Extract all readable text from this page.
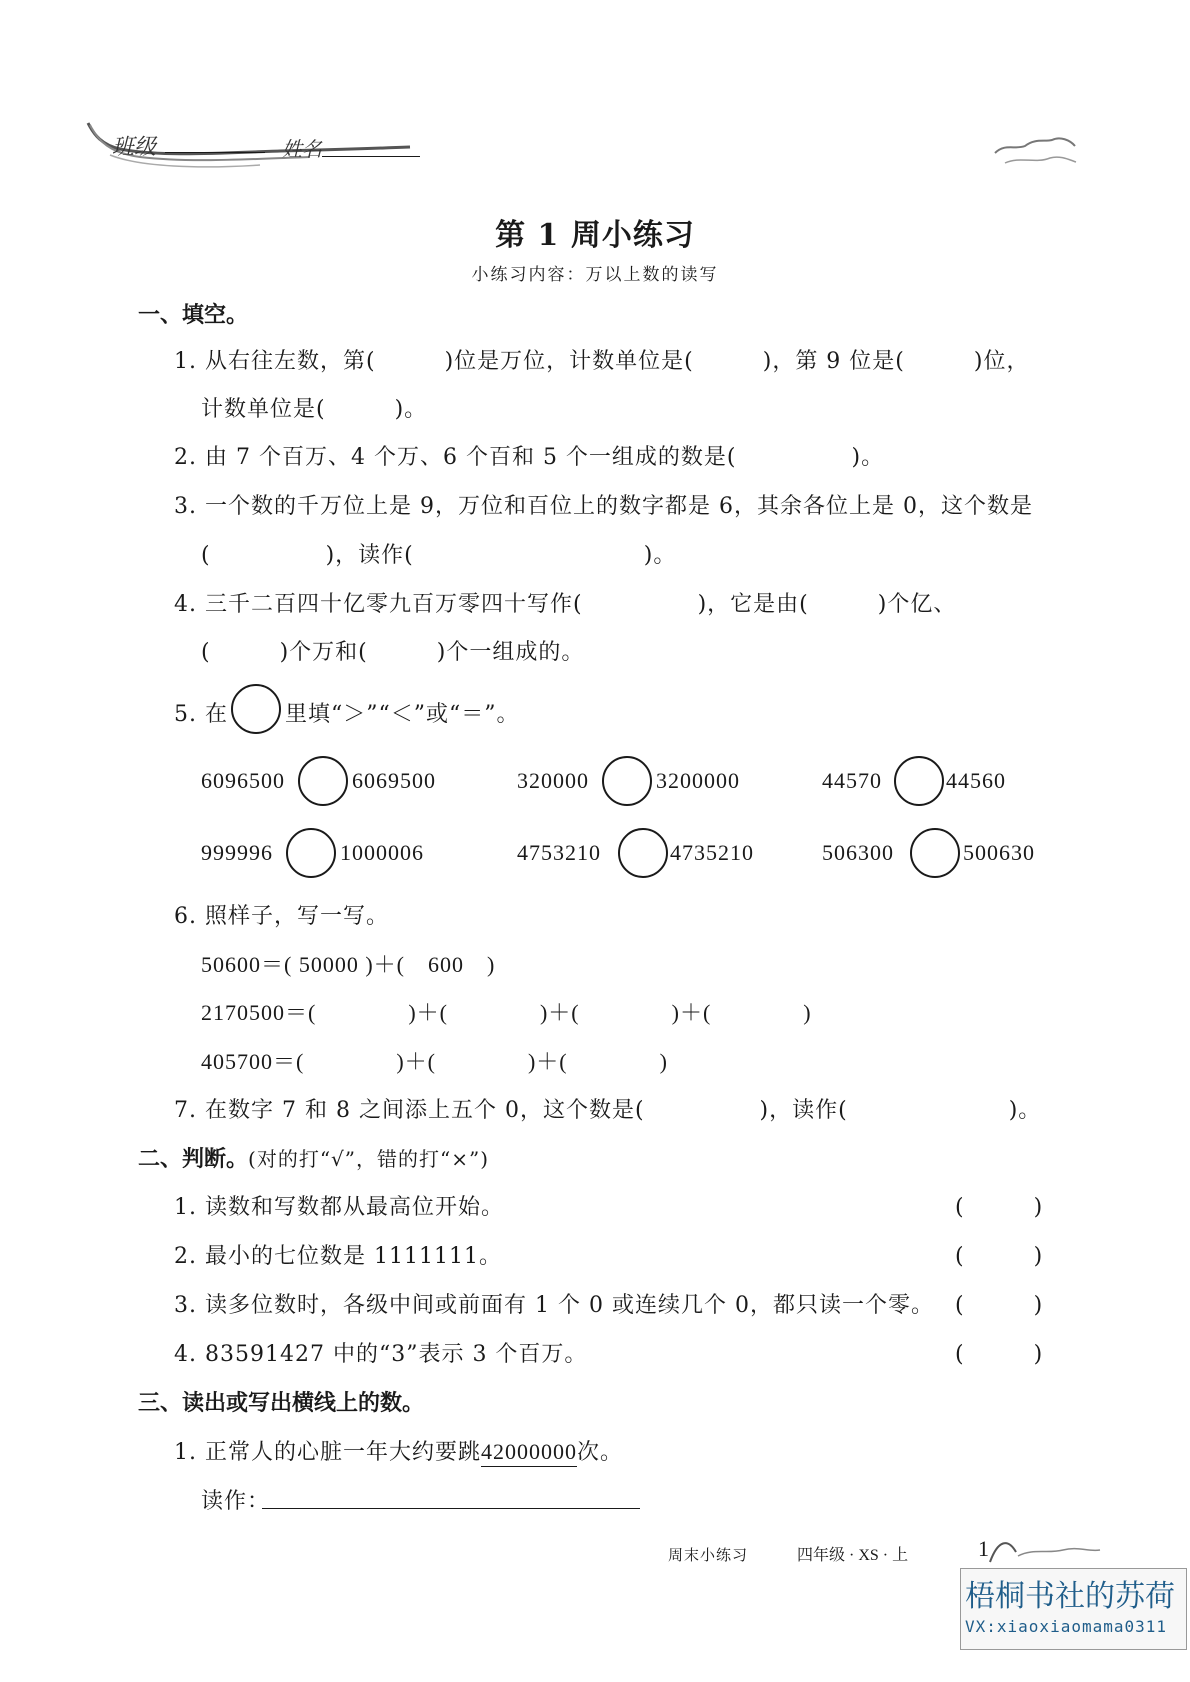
班级	姓名
第 1 周小练习
小练习内容：万以上数的读写
一、填空。
1. 从右往左数，第(　　　)位是万位，计数单位是(　　　)，第 9 位是(　　　)位，
计数单位是(　　　)。
2. 由 7 个百万、4 个万、6 个百和 5 个一组成的数是(　　　　　)。
3. 一个数的千万位上是 9，万位和百位上的数字都是 6，其余各位上是 0，这个数是
(　　　　　)，读作(　　　　　　　　　　)。
4. 三千二百四十亿零九百万零四十写作(　　　　　)，它是由(　　　)个亿、
(　　　)个万和(　　　)个一组成的。
5. 在	里填“＞”“＜”或“＝”。
6096500	6069500	320000	3200000	44570	44560
999996	1000006	4753210	4735210	506300	500630
6. 照样子，写一写。
50600＝( 50000 )＋(　600　)
2170500＝(　　　　)＋(　　　　)＋(　　　　)＋(　　　　)
405700＝(　　　　)＋(　　　　)＋(　　　　)
7. 在数字 7 和 8 之间添上五个 0，这个数是(　　　　　)，读作(　　　　　　　)。
二、判断。(对的打“√”，错的打“×”)
1. 读数和写数都从最高位开始。	(　　　)
2. 最小的七位数是 1111111。	(　　　)
3. 读多位数时，各级中间或前面有 1 个 0 或连续几个 0，都只读一个零。 (　　　)
4. 83591427 中的“3”表示 3 个百万。	(　　　)
三、读出或写出横线上的数。
1. 正常人的心脏一年大约要跳42000000次。
读作：
周末小练习	四年级 · XS · 上	1
梧桐书社的苏荷
VX:xiaoxiaomama0311
